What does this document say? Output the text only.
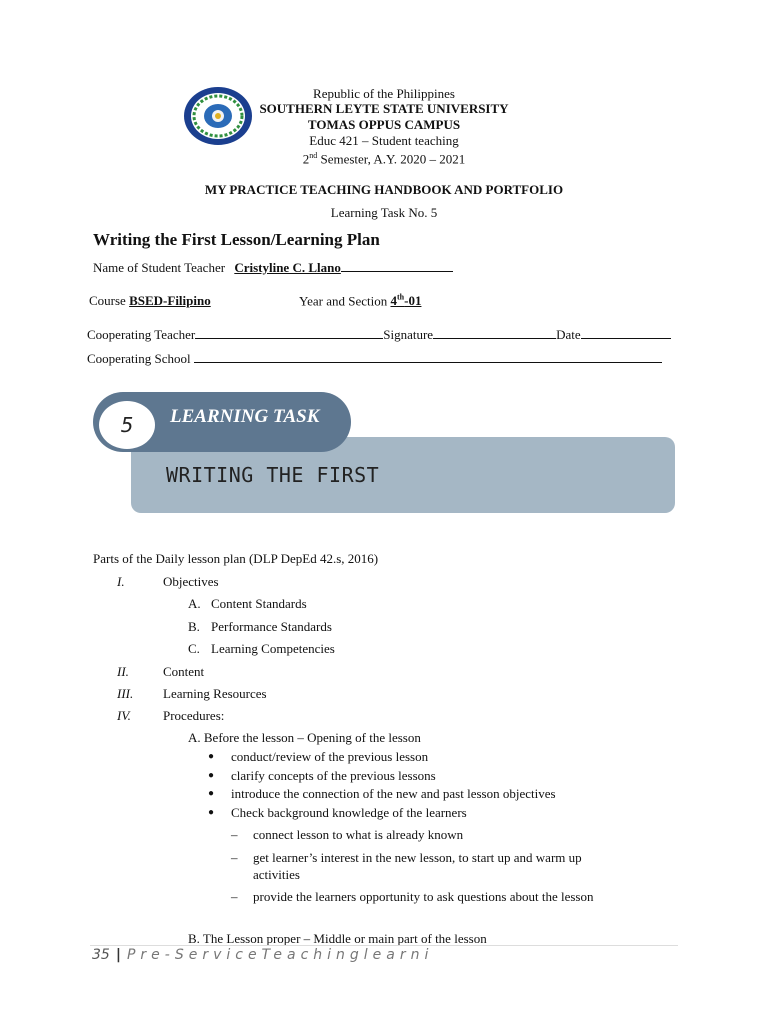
Republic of the Philippines
SOUTHERN LEYTE STATE UNIVERSITY
TOMAS OPPUS CAMPUS
Educ 421 – Student teaching
2nd Semester, A.Y. 2020 – 2021
MY PRACTICE TEACHING HANDBOOK AND PORTFOLIO
Learning Task No. 5
Writing the First Lesson/Learning Plan
Name of Student Teacher Cristyline C. Llano
Course BSED-Filipino	Year and Section 4th-01
Cooperating Teacher	Signature	Date
Cooperating School
5	LEARNING TASK
WRITING THE FIRST
Parts of the Daily lesson plan (DLP DepEd 42.s, 2016)
I.	Objectives
A. Content Standards
B. Performance Standards
C. Learning Competencies
II.	Content
III. Learning Resources
IV. Procedures:
A. Before the lesson – Opening of the lesson
● conduct/review of the previous lesson
● clarify concepts of the previous lessons
● introduce the connection of the new and past lesson objectives
● Check background knowledge of the learners
– connect lesson to what is already known
– get learner’s interest in the new lesson, to start up and warm up
activities
– provide the learners opportunity to ask questions about the lesson
B. The Lesson proper – Middle or main part of the lesson
35 | Pre-ServiceTeachinglearni
